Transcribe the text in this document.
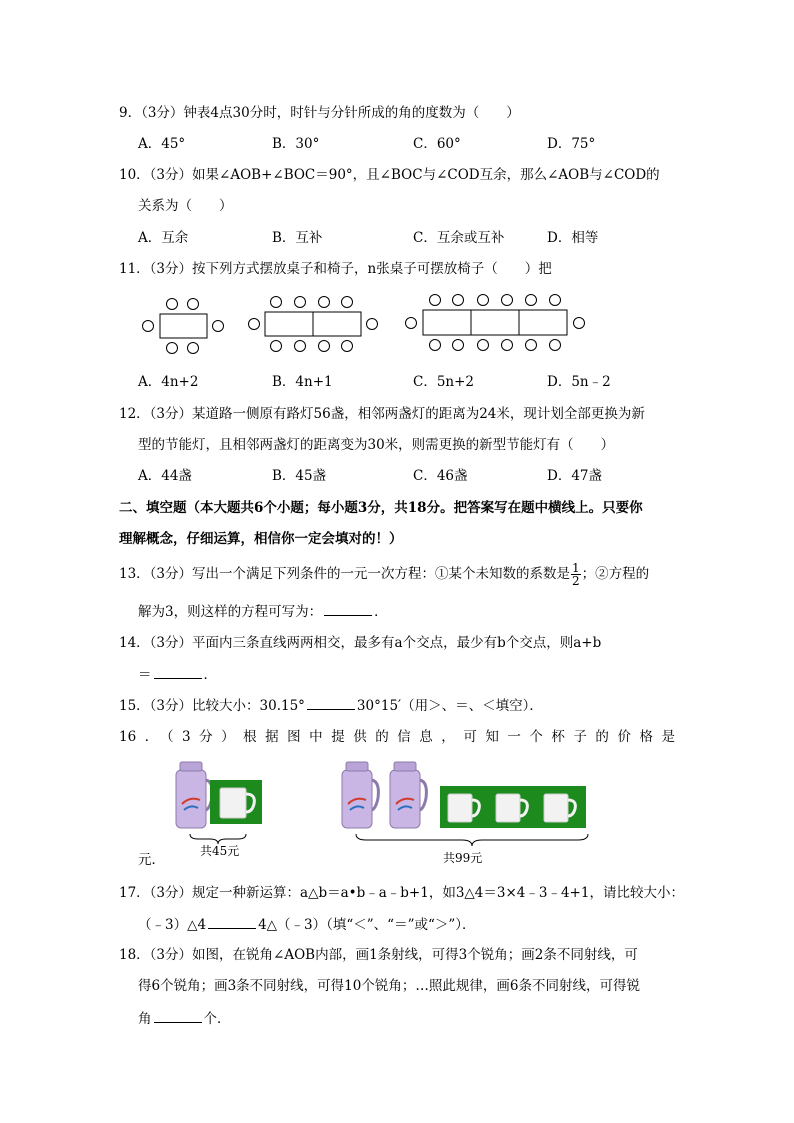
9．（3分）钟表4点30分时，时针与分针所成的角的度数为（　　）
A．45°	B．30°	C．60°	D．75°
10．（3分）如果∠AOB+∠BOC＝90°，且∠BOC与∠COD互余，那么∠AOB与∠COD的
关系为（　　）
A．互余	B．互补	C．互余或互补	D．相等
11．（3分）按下列方式摆放桌子和椅子，n张桌子可摆放椅子（　　）把
A．4n+2	B．4n+1	C．5n+2	D．5n﹣2
12．（3分）某道路一侧原有路灯56盏，相邻两盏灯的距离为24米，现计划全部更换为新
型的节能灯，且相邻两盏灯的距离变为30米，则需更换的新型节能灯有（　　）
A．44盏	B．45盏	C．46盏	D．47盏
二、填空题（本大题共6个小题；每小题3分，共18分。把答案写在题中横线上。只要你
理解概念，仔细运算，相信你一定会填对的！）
13．（3分）写出一个满足下列条件的一元一次方程：①某个未知数的系数是 $\frac{1}{2}$ ；②方程的
解为3，则这样的方程可写为：	．
14．（3分）平面内三条直线两两相交，最多有a个交点，最少有b个交点，则a+b
＝	．
15．（3分）比较大小：30.15°	30°15′（用＞、＝、＜填空）．
16．（3分）根据图中提供的信息，可知一个杯子的价格是
共45元	共99元
元．
17．（3分）规定一种新运算：a△b＝a•b﹣a﹣b+1，如3△4＝3×4﹣3﹣4+1，请比较大小：
（﹣3）△4	4△（﹣3）（填“＜”、“＝”或“＞”）．
18．（3分）如图，在锐角∠AOB内部，画1条射线，可得3个锐角；画2条不同射线，可
得6个锐角；画3条不同射线，可得10个锐角；…照此规律，画6条不同射线，可得锐
角	个．
